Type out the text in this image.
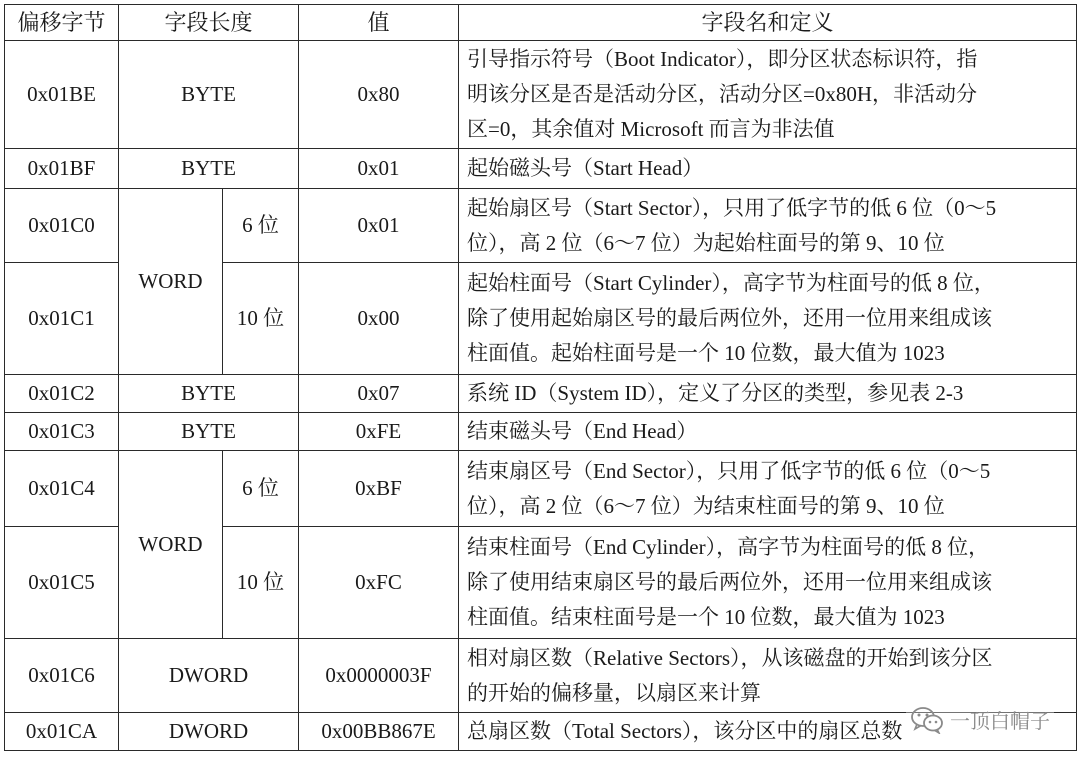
偏移字节	字段长度		值	字段名和定义
0x01BE	BYTE		0x80	引导指示符号（Boot Indicator），即分区状态标识符，指
明该分区是否是活动分区，活动分区=0x80H，非活动分
区=0，其余值对 Microsoft 而言为非法值

0x01BF	BYTE		0x01	起始磁头号（Start Head）

0x01C0	WORD	6 位	0x01	起始扇区号（Start Sector），只用了低字节的低 6 位（0～5
位），高 2 位（6～7 位）为起始柱面号的第 9、10 位

0x01C1		10 位	0x00	起始柱面号（Start Cylinder），高字节为柱面号的低 8 位，
除了使用起始扇区号的最后两位外，还用一位用来组成该
柱面值。起始柱面号是一个 10 位数，最大值为 1023

0x01C2	BYTE		0x07	系统 ID（System ID），定义了分区的类型，参见表 2-3

0x01C3	BYTE		0xFE	结束磁头号（End Head）

0x01C4	WORD	6 位	0xBF	结束扇区号（End Sector），只用了低字节的低 6 位（0～5
位），高 2 位（6～7 位）为结束柱面号的第 9、10 位

0x01C5		10 位	0xFC	结束柱面号（End Cylinder），高字节为柱面号的低 8 位，
除了使用结束扇区号的最后两位外，还用一位用来组成该
柱面值。结束柱面号是一个 10 位数，最大值为 1023

0x01C6	DWORD		0x0000003F	相对扇区数（Relative Sectors），从该磁盘的开始到该分区
的开始的偏移量，以扇区来计算

0x01CA	DWORD		0x00BB867E	总扇区数（Total Sectors），该分区中的扇区总数	一顶白帽子
